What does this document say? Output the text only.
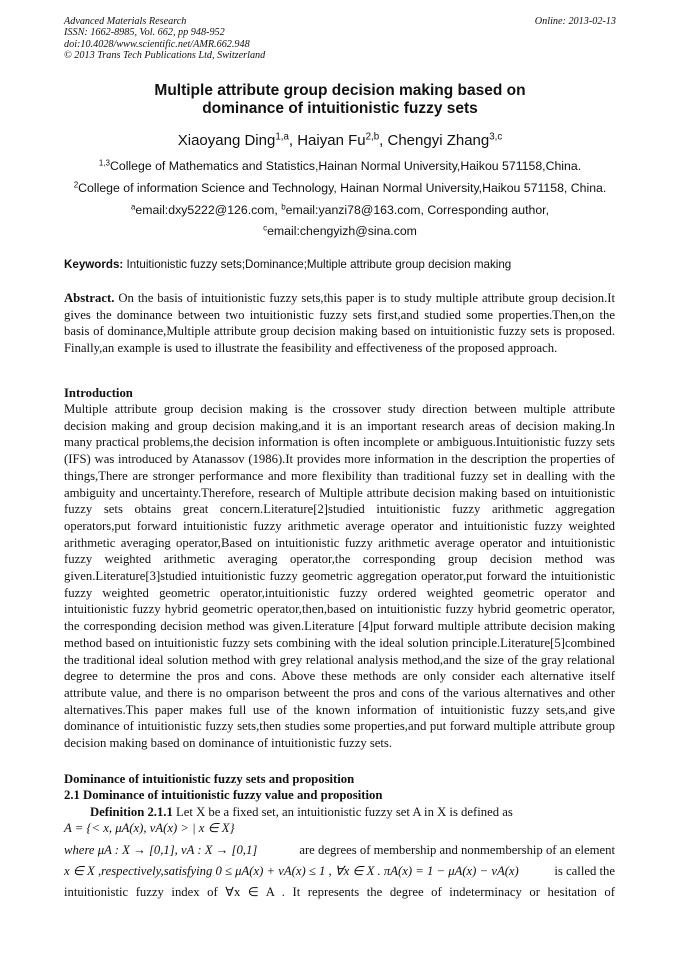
Advanced Materials Research	Online: 2013-02-13
ISSN: 1662-8985, Vol. 662, pp 948-952
doi:10.4028/www.scientific.net/AMR.662.948
© 2013 Trans Tech Publications Ltd, Switzerland
Multiple attribute group decision making based on
dominance of intuitionistic fuzzy sets
Xiaoyang Ding$^{1,a}$, Haiyan Fu$^{2,b}$, Chengyi Zhang$^{3,c}$
$^{1,3}$College of Mathematics and Statistics,Hainan Normal University,Haikou 571158,China.
$^2$College of information Science and Technology, Hainan Normal University,Haikou 571158, China.
$^a$email:dxy5222@126.com, $^b$email:yanzi78@163.com, Corresponding author,
$^c$email:chengyizh@sina.com
Keywords: Intuitionistic fuzzy sets;Dominance;Multiple attribute group decision making
Abstract. On the basis of intuitionistic fuzzy sets,this paper is to study multiple attribute group decision.It gives the dominance between two intuitionistic fuzzy sets first,and studied some properties.Then,on the basis of dominance,Multiple attribute group decision making based on intuitionistic fuzzy sets is proposed. Finally,an example is used to illustrate the feasibility and effectiveness of the proposed approach.
Introduction
Multiple attribute group decision making is the crossover study direction between multiple attribute decision making and group decision making,and it is an important research areas of decision making.In many practical problems,the decision information is often incomplete or ambiguous.Intuitionistic fuzzy sets (IFS) was introduced by Atanassov (1986).It provides more information in the description the properties of things,There are stronger performance and more flexibility than traditional fuzzy set in dealling with the ambiguity and uncertainty.Therefore, research of Multiple attribute decision making based on intuitionistic fuzzy sets obtains great concern.Literature[2]studied intuitionistic fuzzy arithmetic aggregation operators,put forward intuitionistic fuzzy arithmetic average operator and intuitionistic fuzzy weighted arithmetic averaging operator,Based on intuitionistic fuzzy arithmetic average operator and intuitionistic fuzzy weighted arithmetic averaging operator,the corresponding group decision method was given.Literature[3]studied intuitionistic fuzzy geometric aggregation operator,put forward the intuitionistic fuzzy weighted geometric operator,intuitionistic fuzzy ordered weighted geometric operator and intuitionistic fuzzy hybrid geometric operator,then,based on intuitionistic fuzzy hybrid geometric operator, the corresponding decision method was given.Literature [4]put forward multiple attribute decision making method based on intuitionistic fuzzy sets combining with the ideal solution principle.Literature[5]combined the traditional ideal solution method with grey relational analysis method,and the size of the gray relational degree to determine the pros and cons. Above these methods are only consider each alternative itself attribute value, and there is no omparison betweent the pros and cons of the various alternatives and other alternatives.This paper makes full use of the known information of intuitionistic fuzzy sets,and give dominance of intuitionistic fuzzy sets,then studies some properties,and put forward multiple attribute group decision making based on dominance of intuitionistic fuzzy sets.
Dominance of intuitionistic fuzzy sets and proposition
2.1 Dominance of intuitionistic fuzzy value and proposition
Definition 2.1.1 Let X be a fixed set, an intuitionistic fuzzy set A in X is defined as
A = {< x, μA(x), νA(x) > | x ∈ X}
where μA : X → [0,1], νA : X → [0,1]	are degrees of membership and nonmembership of an element
x ∈ X ,respectively,satisfying 0 ≤ μA(x) + νA(x) ≤ 1 , ∀x ∈ X . πA(x) = 1 − μA(x) − νA(x)	is called the
intuitionistic fuzzy index of ∀x ∈ A . It represents the degree of indeterminacy or hesitation of
